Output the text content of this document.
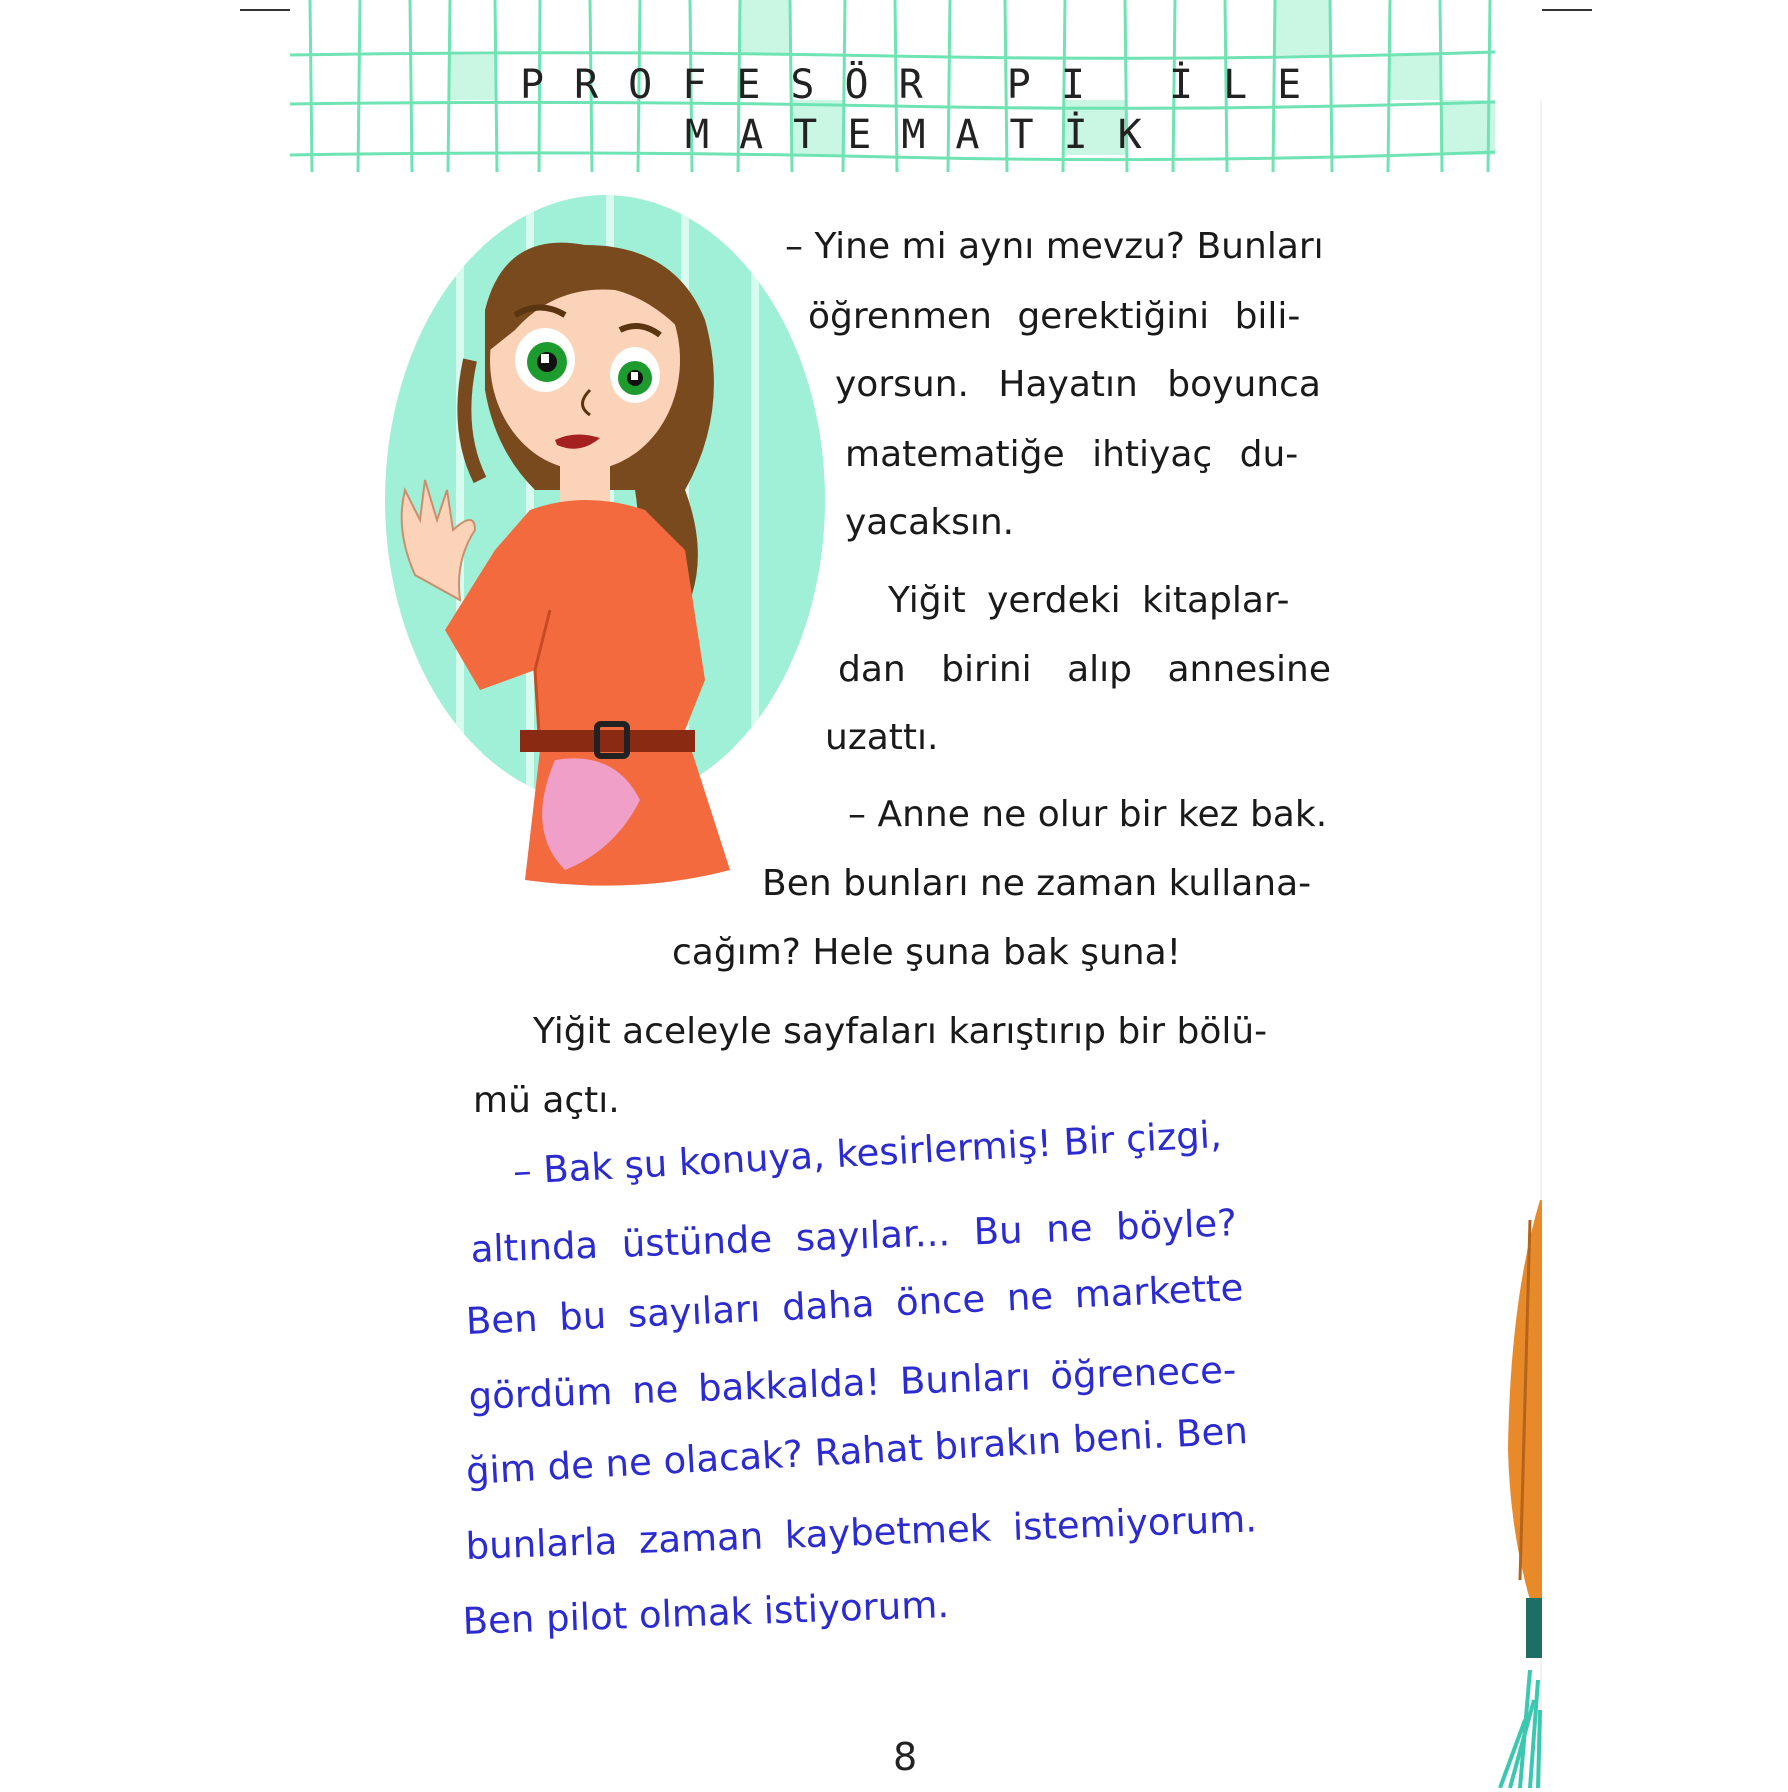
PROFESÖR PI İLE
MATEMATİK
– Yine mi aynı mevzu? Bunları
öğrenmen gerektiğini bili-
yorsun. Hayatın boyunca
matematiğe ihtiyaç du-
yacaksın.
Yiğit yerdeki kitaplar-
dan birini alıp annesine
uzattı.
– Anne ne olur bir kez bak.
Ben bunları ne zaman kullana-
cağım? Hele şuna bak şuna!
Yiğit aceleyle sayfaları karıştırıp bir bölü-
mü açtı.
– Bak şu konuya, kesirlermiş! Bir çizgi,
altında üstünde sayılar... Bu ne böyle?
Ben bu sayıları daha önce ne markette
gördüm ne bakkalda! Bunları öğrenece-
ğim de ne olacak? Rahat bırakın beni. Ben
bunlarla zaman kaybetmek istemiyorum.
Ben pilot olmak istiyorum.
8
